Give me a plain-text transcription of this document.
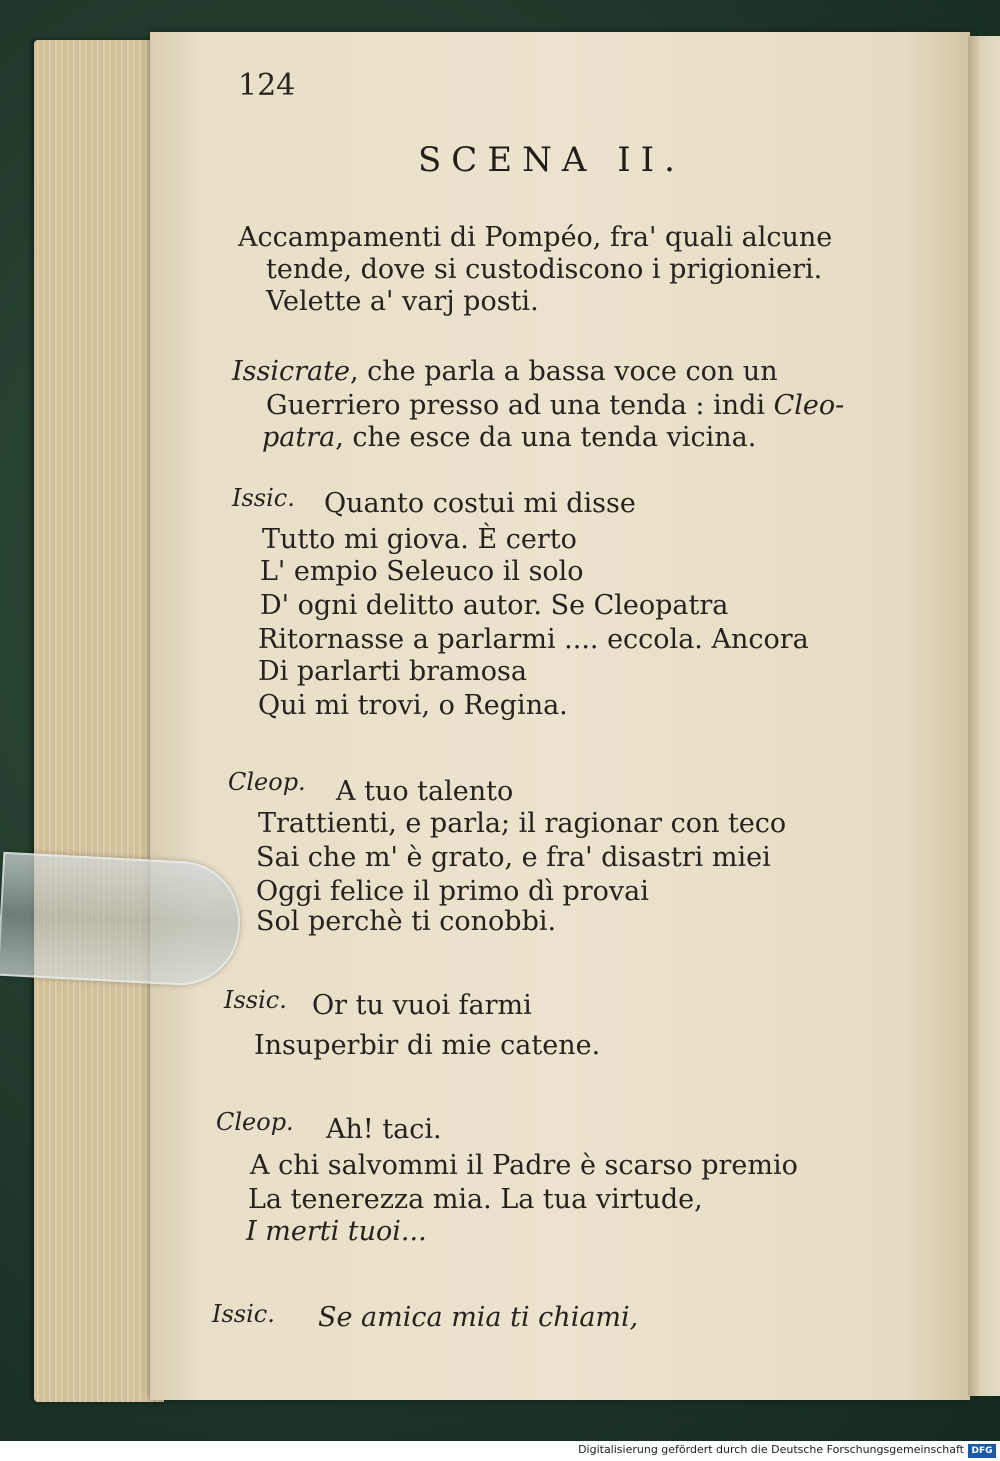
124
SCENA II.
Accampamenti di Pompéo, fra' quali alcune
tende, dove si custodiscono i prigionieri.
Velette a' varj posti.
Issicrate, che parla a bassa voce con un
Guerriero presso ad una tenda : indi Cleo-
patra, che esce da una tenda vicina.
Issic. Quanto costui mi disse
Tutto mi giova. È certo
L' empio Seleuco il solo
D' ogni delitto autor. Se Cleopatra
Ritornasse a parlarmi .... eccola. Ancora
Di parlarti bramosa
Qui mi trovi, o Regina.
Cleop. A tuo talento
Trattienti, e parla; il ragionar con teco
Sai che m' è grato, e fra' disastri miei
Oggi felice il primo dì provai
Sol perchè ti conobbi.
Issic. Or tu vuoi farmi
Insuperbir di mie catene.
Cleop. Ah! taci.
A chi salvommi il Padre è scarso premio
La tenerezza mia. La tua virtude,
I merti tuoi...
Issic. Se amica mia ti chiami,
Digitalisierung gefördert durch die Deutsche Forschungsgemeinschaft DFG
